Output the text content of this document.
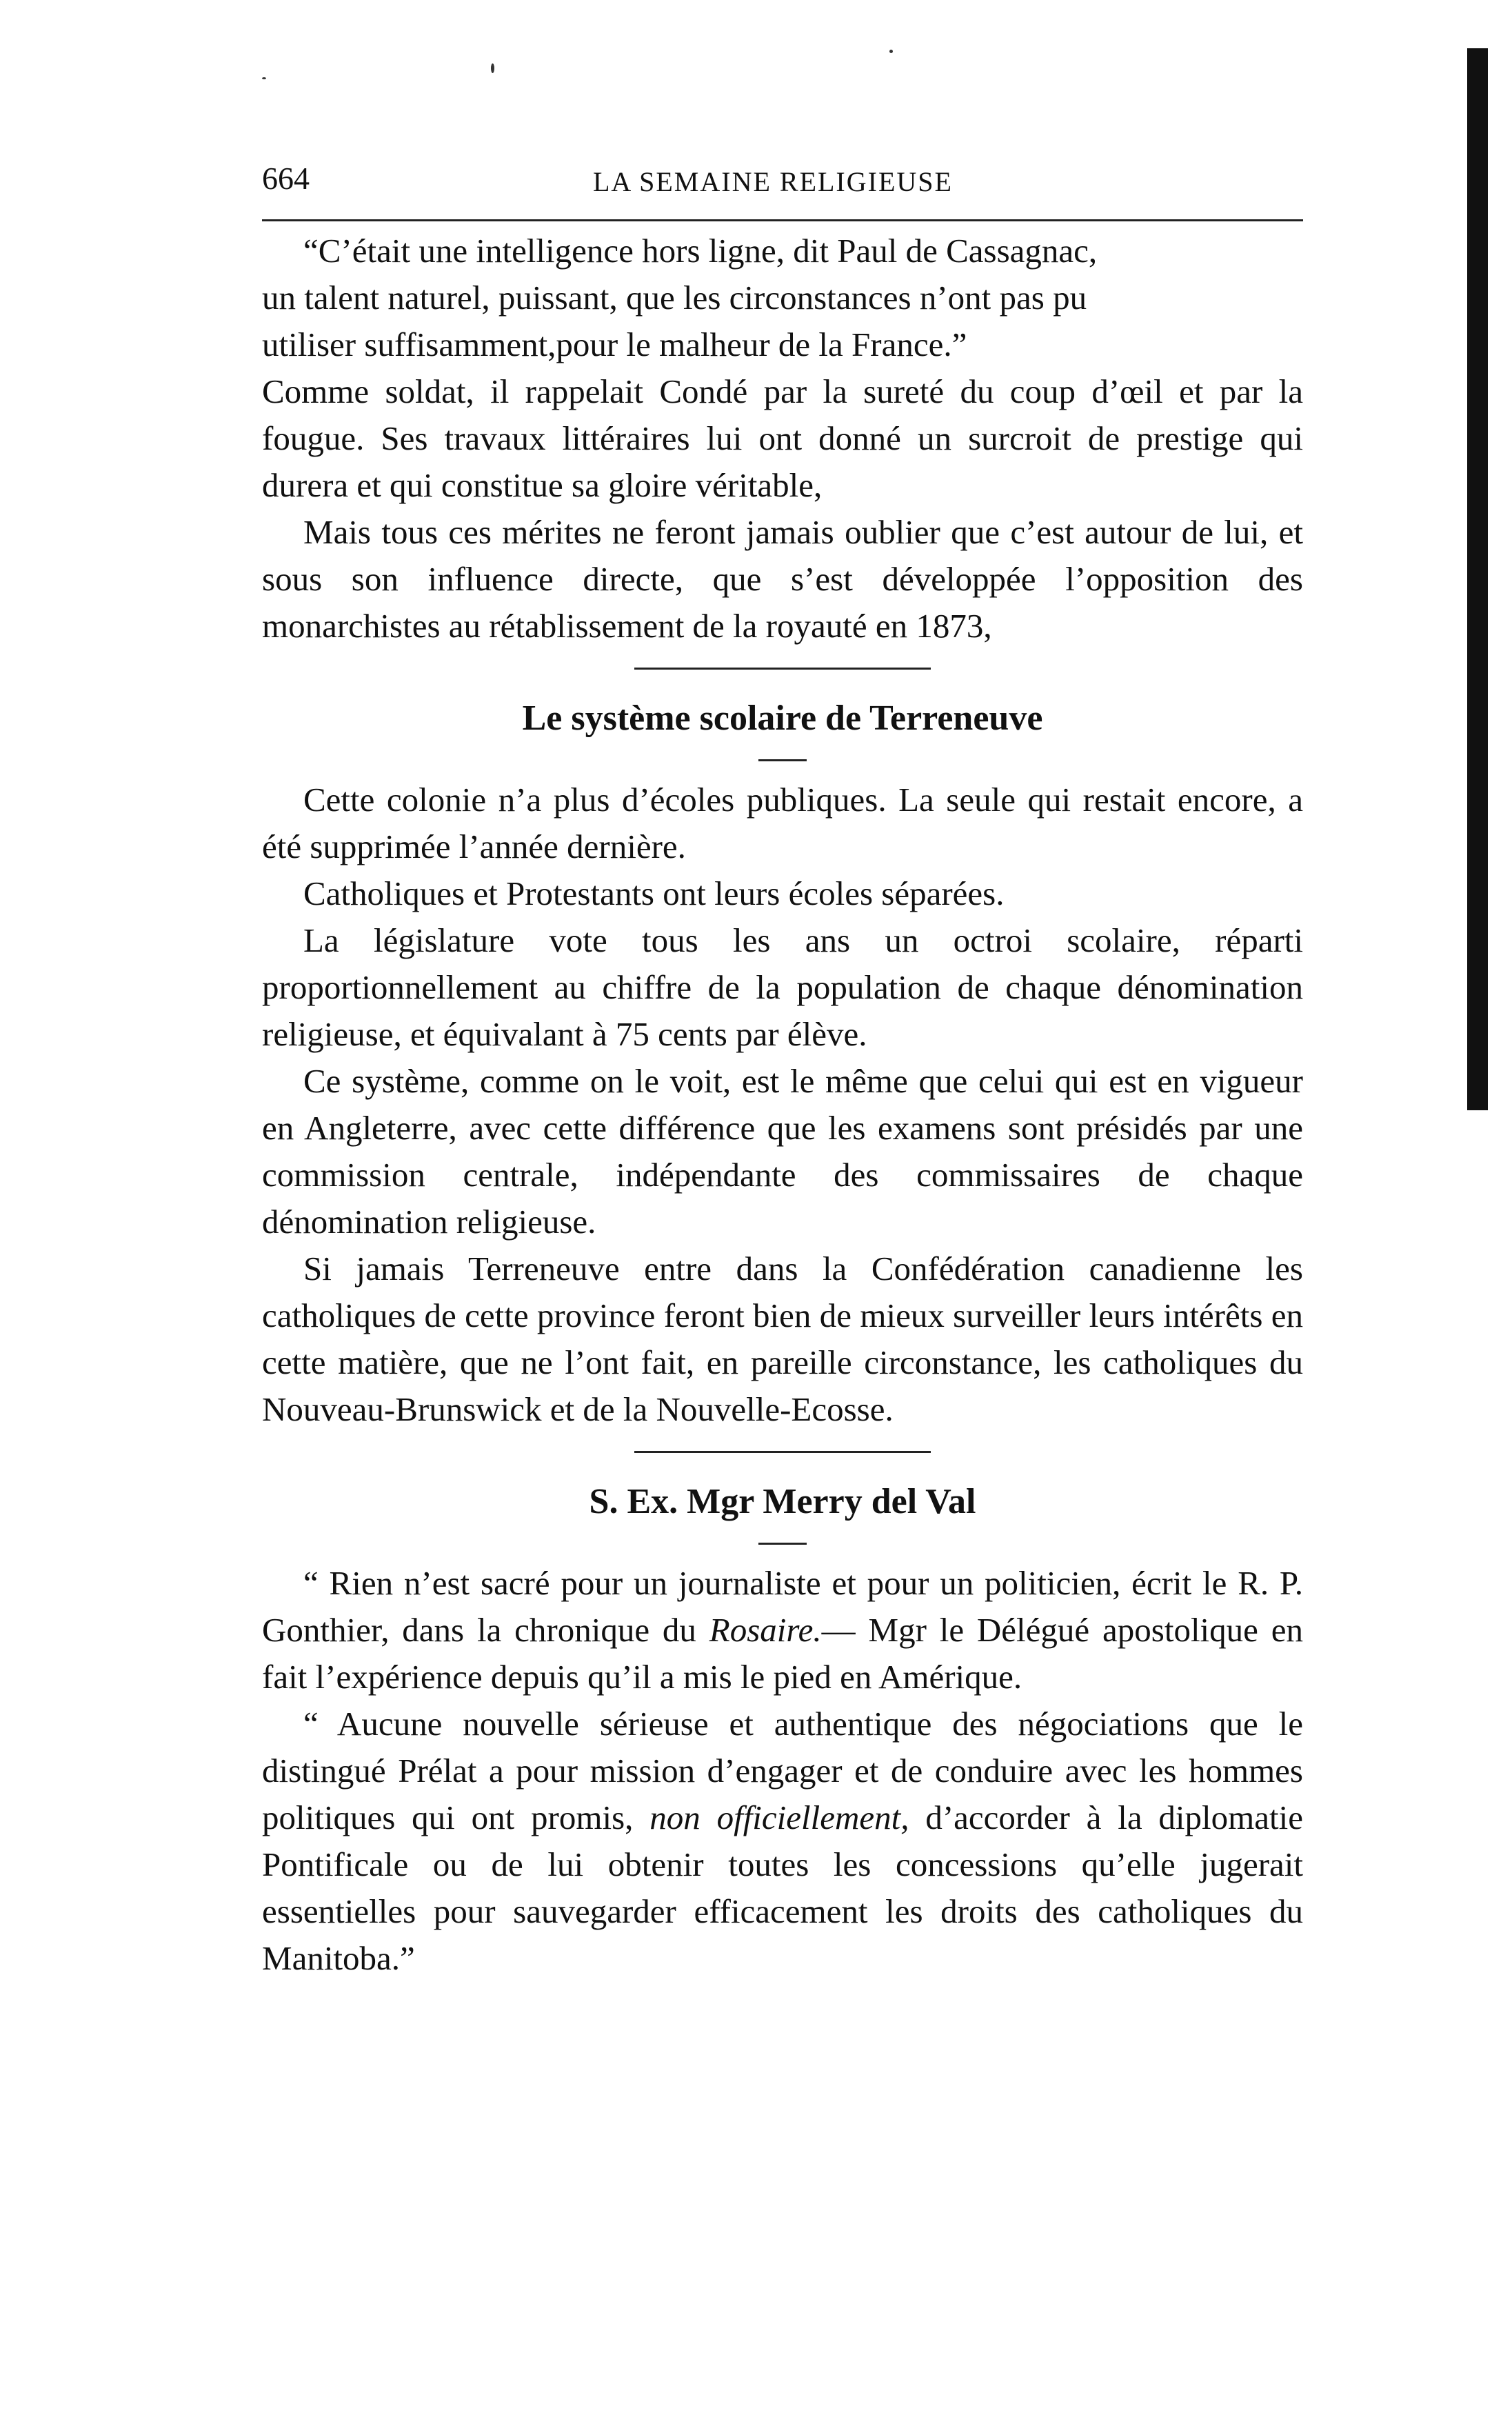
664	LA SEMAINE RELIGIEUSE

“C’était une intelligence hors ligne, dit Paul de Cassagnac,

un talent naturel, puissant, que les circonstances n’ont pas pu

utiliser suffisamment,pour le malheur de la France.”

Comme soldat, il rappelait Condé par la sureté du coup d’œil et par la fougue. Ses travaux littéraires lui ont donné un surcroit de prestige qui durera et qui constitue sa gloire véritable,

Mais tous ces mérites ne feront jamais oublier que c’est autour de lui, et sous son influence directe, que s’est développée l’opposition des monarchistes au rétablissement de la royauté en 1873,

Le système scolaire de Terreneuve

Cette colonie n’a plus d’écoles publiques. La seule qui restait encore, a été supprimée l’année dernière.

Catholiques et Protestants ont leurs écoles séparées.

La législature vote tous les ans un octroi scolaire, réparti proportionnellement au chiffre de la population de chaque dénomination religieuse, et équivalant à 75 cents par élève.

Ce système, comme on le voit, est le même que celui qui est en vigueur en Angleterre, avec cette différence que les examens sont présidés par une commission centrale, indépendante des commissaires de chaque dénomination religieuse.

Si jamais Terreneuve entre dans la Confédération canadienne les catholiques de cette province feront bien de mieux surveiller leurs intérêts en cette matière, que ne l’ont fait, en pareille circonstance, les catholiques du Nouveau-Brunswick et de la Nouvelle-Ecosse.

S. Ex. Mgr Merry del Val

“ Rien n’est sacré pour un journaliste et pour un politicien, écrit le R. P. Gonthier, dans la chronique du Rosaire.— Mgr le Délégué apostolique en fait l’expérience depuis qu’il a mis le pied en Amérique.

“ Aucune nouvelle sérieuse et authentique des négociations que le distingué Prélat a pour mission d’engager et de conduire avec les hommes politiques qui ont promis, non officiellement, d’accorder à la diplomatie Pontificale ou de lui obtenir toutes les concessions qu’elle jugerait essentielles pour sauvegarder efficacement les droits des catholiques du Manitoba.”
